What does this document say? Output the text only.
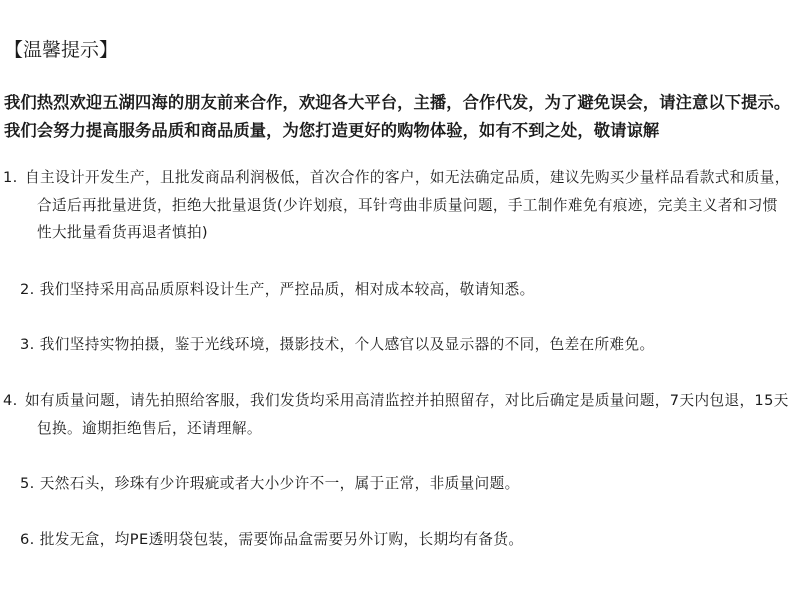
【温馨提示】

我们热烈欢迎五湖四海的朋友前来合作，欢迎各大平台，主播，合作代发，为了避免误会，请注意以下提示。我们会努力提高服务品质和商品质量，为您打造更好的购物体验，如有不到之处，敬请谅解

1. 自主设计开发生产，且批发商品利润极低，首次合作的客户，如无法确定品质，建议先购买少量样品看款式和质量，合适后再批量进货，拒绝大批量退货(少许划痕，耳针弯曲非质量问题，手工制作难免有痕迹，完美主义者和习惯性大批量看货再退者慎拍)
2. 我们坚持采用高品质原料设计生产，严控品质，相对成本较高，敬请知悉。
3. 我们坚持实物拍摄，鉴于光线环境，摄影技术，个人感官以及显示器的不同，色差在所难免。
4. 如有质量问题，请先拍照给客服，我们发货均采用高清监控并拍照留存，对比后确定是质量问题，7天内包退，15天包换。逾期拒绝售后，还请理解。
5. 天然石头，珍珠有少许瑕疵或者大小少许不一，属于正常，非质量问题。
6. 批发无盒，均PE透明袋包装，需要饰品盒需要另外订购，长期均有备货。
